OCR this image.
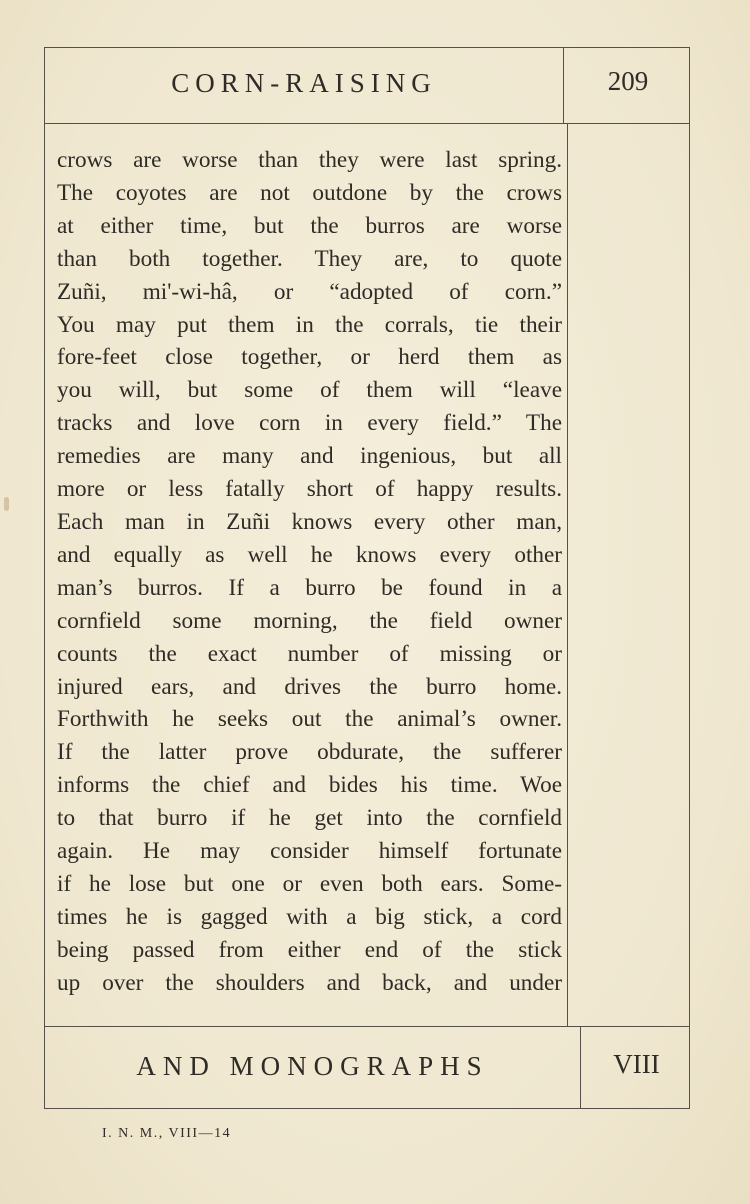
CORN-RAISING	209
crows are worse than they were last spring.
The coyotes are not outdone by the crows
at either time, but the burros are worse
than both together. They are, to quote
Zuñi, mi'-wi-hâ, or “adopted of corn.”
You may put them in the corrals, tie their
fore-feet close together, or herd them as
you will, but some of them will “leave
tracks and love corn in every field.” The
remedies are many and ingenious, but all
more or less fatally short of happy results.
Each man in Zuñi knows every other man,
and equally as well he knows every other
man’s burros. If a burro be found in a
cornfield some morning, the field owner
counts the exact number of missing or
injured ears, and drives the burro home.
Forthwith he seeks out the animal’s owner.
If the latter prove obdurate, the sufferer
informs the chief and bides his time. Woe
to that burro if he get into the cornfield
again. He may consider himself fortunate
if he lose but one or even both ears. Some-
times he is gagged with a big stick, a cord
being passed from either end of the stick
up over the shoulders and back, and under
AND MONOGRAPHS	VIII
I. N. M., VIII—14
